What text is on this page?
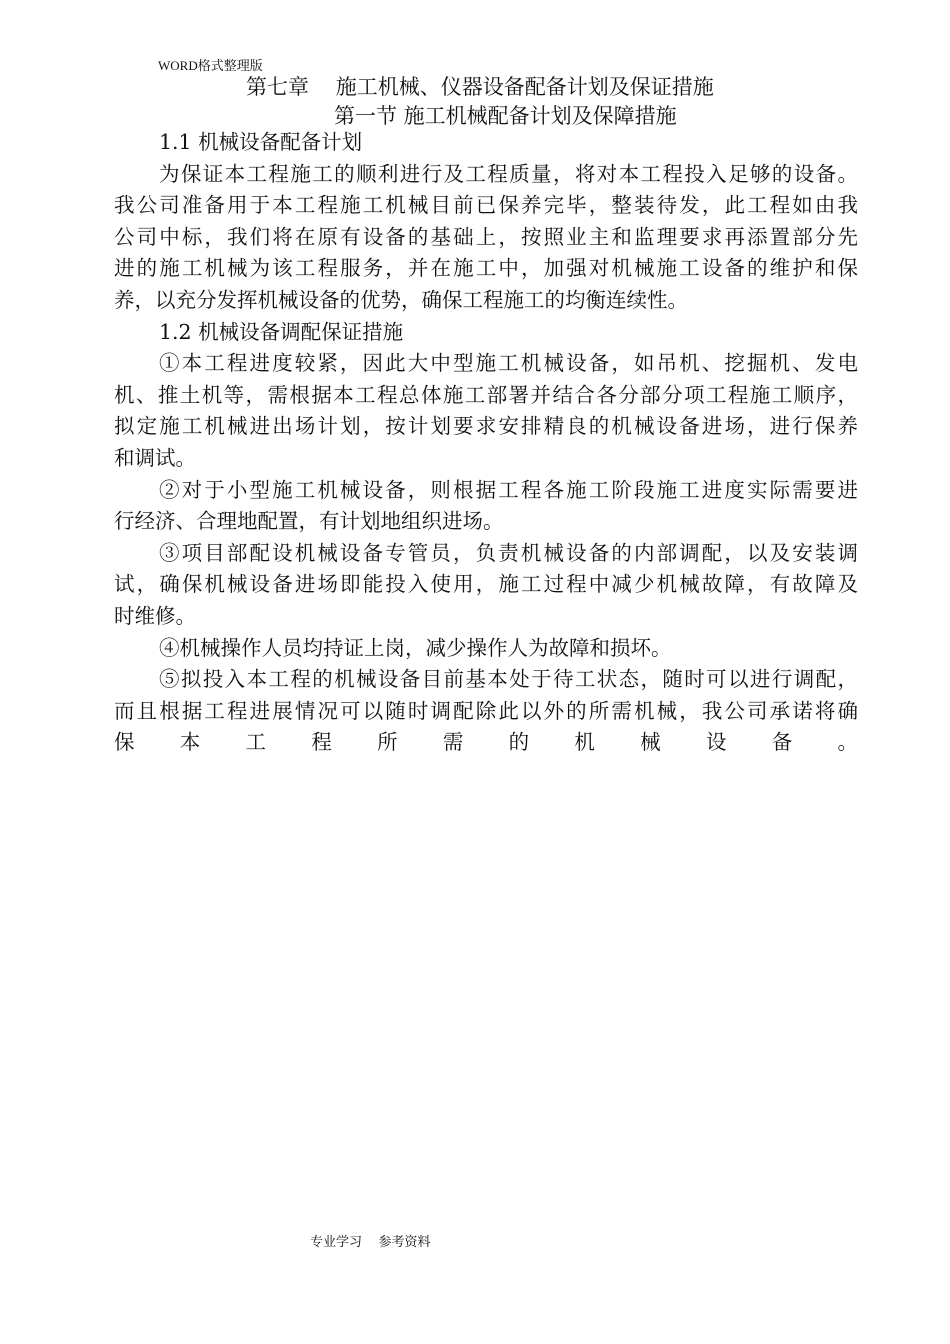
WORD格式整理版
第七章    施工机械、仪器设备配备计划及保证措施
第一节 施工机械配备计划及保障措施
1.1 机械设备配备计划
为保证本工程施工的顺利进行及工程质量，将对本工程投入足够的设备。
我公司准备用于本工程施工机械目前已保养完毕，整装待发，此工程如由我
公司中标，我们将在原有设备的基础上，按照业主和监理要求再添置部分先
进的施工机械为该工程服务，并在施工中，加强对机械施工设备的维护和保
养，以充分发挥机械设备的优势，确保工程施工的均衡连续性。
1.2 机械设备调配保证措施
①本工程进度较紧，因此大中型施工机械设备，如吊机、挖掘机、发电
机、推土机等，需根据本工程总体施工部署并结合各分部分项工程施工顺序，
拟定施工机械进出场计划，按计划要求安排精良的机械设备进场，进行保养
和调试。
②对于小型施工机械设备，则根据工程各施工阶段施工进度实际需要进
行经济、合理地配置，有计划地组织进场。
③项目部配设机械设备专管员，负责机械设备的内部调配，以及安装调
试，确保机械设备进场即能投入使用，施工过程中减少机械故障，有故障及
时维修。
④机械操作人员均持证上岗，减少操作人为故障和损坏。
⑤拟投入本工程的机械设备目前基本处于待工状态，随时可以进行调配，
而且根据工程进展情况可以随时调配除此以外的所需机械，我公司承诺将确
保 本 工 程 所 需 的 机 械 设 备 。
专业学习    参考资料
